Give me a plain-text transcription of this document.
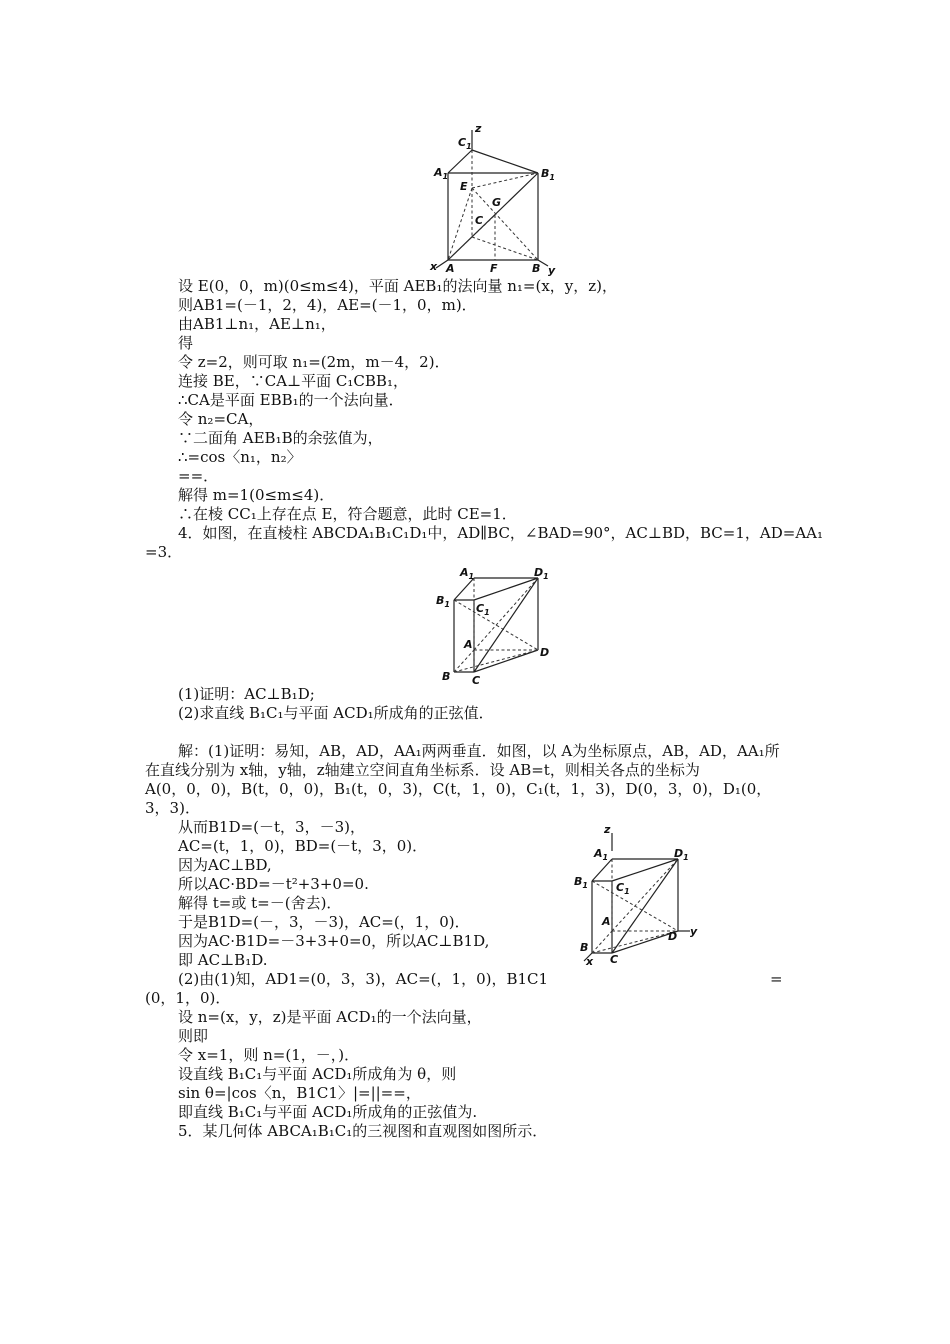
z
$C_1$
$A_1$	$B_1$
E
G
C
x A	F	B y
设 E(0，0，m)(0≤m≤4)，平面 AEB₁的法向量 n₁=(x，y，z)，
则AB1=(－1，2，4)，AE=(－1，0，m)．
由AB1⊥n₁，AE⊥n₁，
得
令 z=2，则可取 n₁=(2m，m－4，2)．
连接 BE，∵CA⊥平面 C₁CBB₁，
∴CA是平面 EBB₁的一个法向量．
令 n₂=CA，
∵二面角 AEB₁B的余弦值为，
∴=cos〈n₁，n₂〉
==．
解得 m=1(0≤m≤4)．
∴在棱 CC₁上存在点 E，符合题意，此时 CE=1．
4．如图，在直棱柱 ABCDA₁B₁C₁D₁中，AD∥BC，∠BAD=90°，AC⊥BD，BC=1，AD=AA₁
=3．
$A_1$	$D_1$
$B_1$ $C_1$
A
D
B C
(1)证明：AC⊥B₁D;
(2)求直线 B₁C₁与平面 ACD₁所成角的正弦值．
解：(1)证明：易知，AB，AD，AA₁两两垂直．如图，以 A为坐标原点，AB，AD，AA₁所
在直线分别为 x轴，y轴，z轴建立空间直角坐标系．设 AB=t，则相关各点的坐标为
A(0，0，0)，B(t，0，0)，B₁(t，0，3)，C(t，1，0)，C₁(t，1，3)，D(0，3，0)，D₁(0，
3，3)．
从而B1D=(－t，3，－3)，
AC=(t，1，0)，BD=(－t，3，0)．
因为AC⊥BD,
所以AC·BD=－t²+3+0=0.
解得 t=或 t=－(舍去)．
于是B1D=(－，3，－3)，AC=(，1，0)．
因为AC·B1D=－3+3+0=0，所以AC⊥B1D,
即 AC⊥B₁D.
(2)由(1)知，AD1=(0，3，3)，AC=(，1，0)，B1C1	=
(0，1，0)．
设 n=(x，y，z)是平面 ACD₁的一个法向量，
则即
令 x=1，则 n=(1，－，)．
设直线 B₁C₁与平面 ACD₁所成角为 θ，则
sin θ=|cos〈n，B1C1〉|=||==，
即直线 B₁C₁与平面 ACD₁所成角的正弦值为.
5．某几何体 ABCA₁B₁C₁的三视图和直观图如图所示．
z
$A_1$	$D_1$
$B_1$	$C_1$
A
D y
B
C
x
